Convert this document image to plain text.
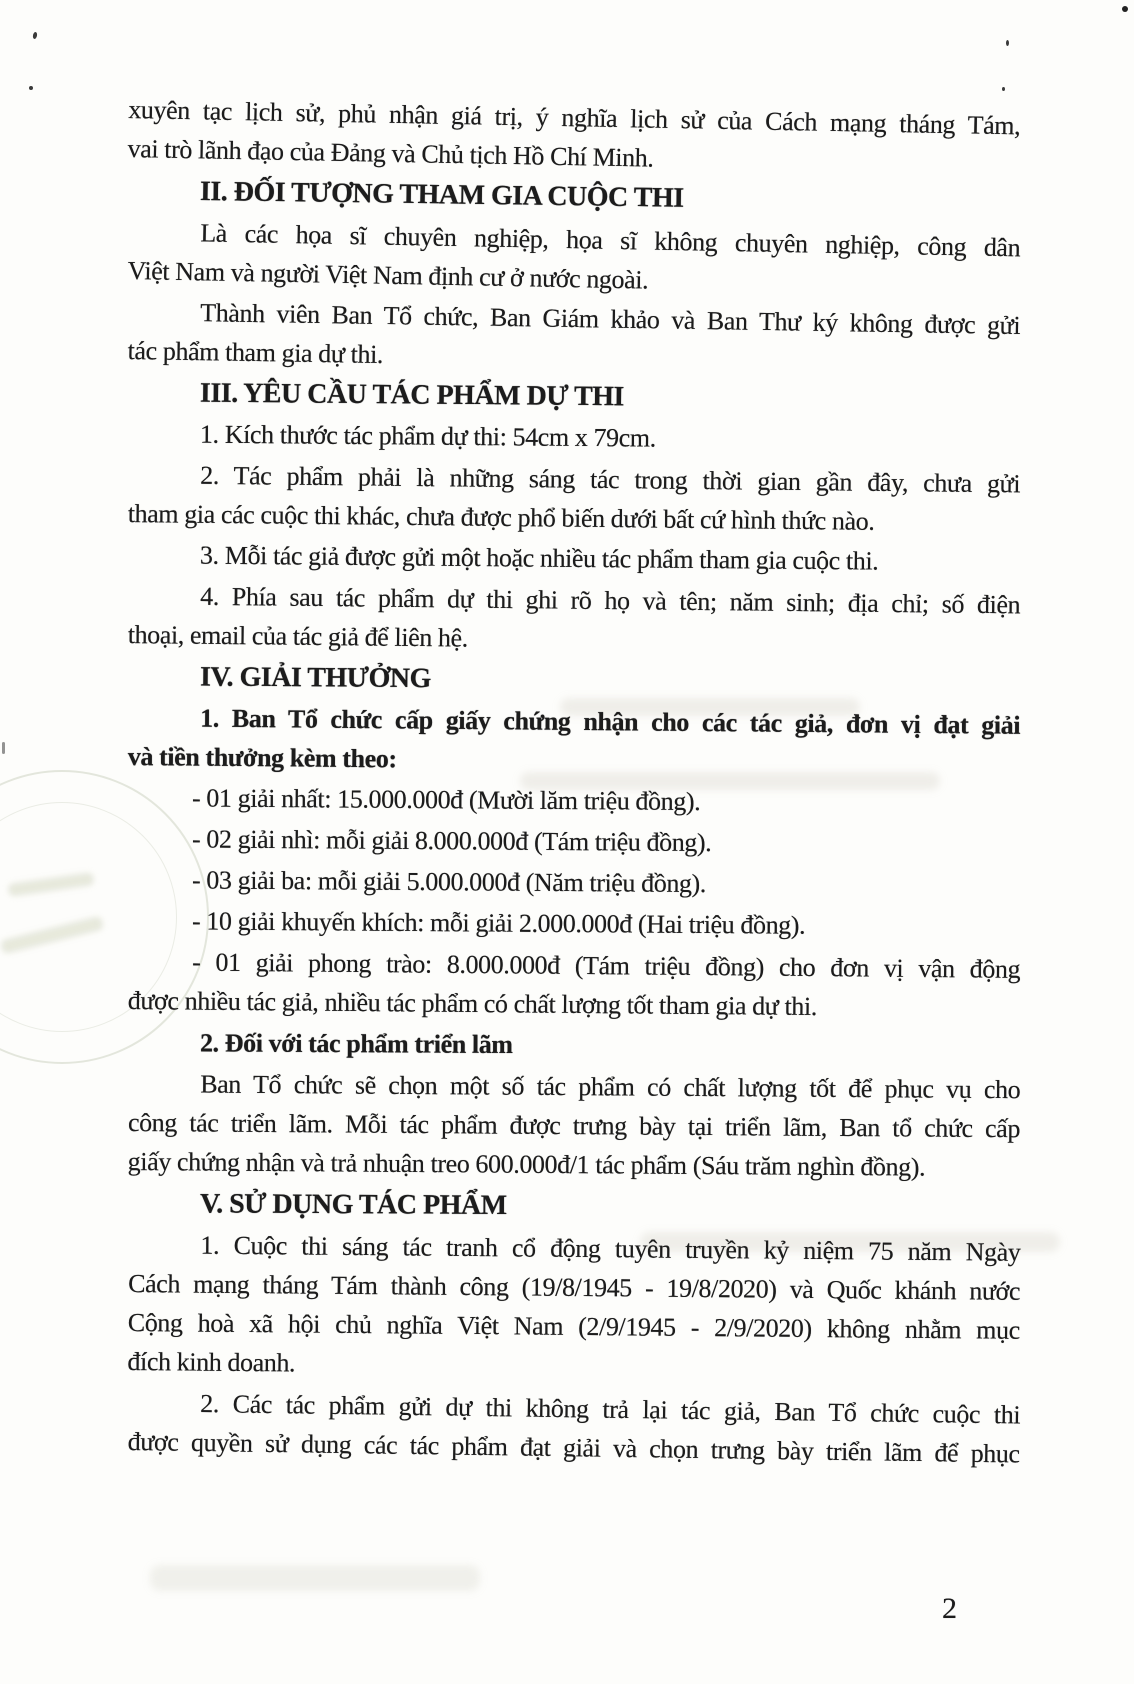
xuyên tạc lịch sử, phủ nhận giá trị, ý nghĩa lịch sử của Cách mạng tháng Tám,
vai trò lãnh đạo của Đảng và Chủ tịch Hồ Chí Minh.
II. ĐỐI TƯỢNG THAM GIA CUỘC THI
Là các họa sĩ chuyên nghiệp, họa sĩ không chuyên nghiệp, công dân
Việt Nam và người Việt Nam định cư ở nước ngoài.
Thành viên Ban Tổ chức, Ban Giám khảo và Ban Thư ký không được gửi
tác phẩm tham gia dự thi.
III. YÊU CẦU TÁC PHẨM DỰ THI
1. Kích thước tác phẩm dự thi: 54cm x 79cm.
2. Tác phẩm phải là những sáng tác trong thời gian gần đây, chưa gửi
tham gia các cuộc thi khác, chưa được phổ biến dưới bất cứ hình thức nào.
3. Mỗi tác giả được gửi một hoặc nhiều tác phẩm tham gia cuộc thi.
4. Phía sau tác phẩm dự thi ghi rõ họ và tên; năm sinh; địa chỉ; số điện
thoại, email của tác giả để liên hệ.
IV. GIẢI THƯỞNG
1. Ban Tổ chức cấp giấy chứng nhận cho các tác giả, đơn vị đạt giải
và tiền thưởng kèm theo:
- 01 giải nhất: 15.000.000đ (Mười lăm triệu đồng).
- 02 giải nhì: mỗi giải 8.000.000đ (Tám triệu đồng).
- 03 giải ba: mỗi giải 5.000.000đ (Năm triệu đồng).
- 10 giải khuyến khích: mỗi giải 2.000.000đ (Hai triệu đồng).
- 01 giải phong trào: 8.000.000đ (Tám triệu đồng) cho đơn vị vận động
được nhiều tác giả, nhiều tác phẩm có chất lượng tốt tham gia dự thi.
2. Đối với tác phẩm triển lãm
Ban Tổ chức sẽ chọn một số tác phẩm có chất lượng tốt để phục vụ cho
công tác triển lãm. Mỗi tác phẩm được trưng bày tại triển lãm, Ban tổ chức cấp
giấy chứng nhận và trả nhuận treo 600.000đ/1 tác phẩm (Sáu trăm nghìn đồng).
V. SỬ DỤNG TÁC PHẨM
1. Cuộc thi sáng tác tranh cổ động tuyên truyền kỷ niệm 75 năm Ngày
Cách mạng tháng Tám thành công (19/8/1945 - 19/8/2020) và Quốc khánh nước
Cộng hoà xã hội chủ nghĩa Việt Nam (2/9/1945 - 2/9/2020) không nhằm mục
đích kinh doanh.
2. Các tác phẩm gửi dự thi không trả lại tác giả, Ban Tổ chức cuộc thi
được quyền sử dụng các tác phẩm đạt giải và chọn trưng bày triển lãm để phục
2
